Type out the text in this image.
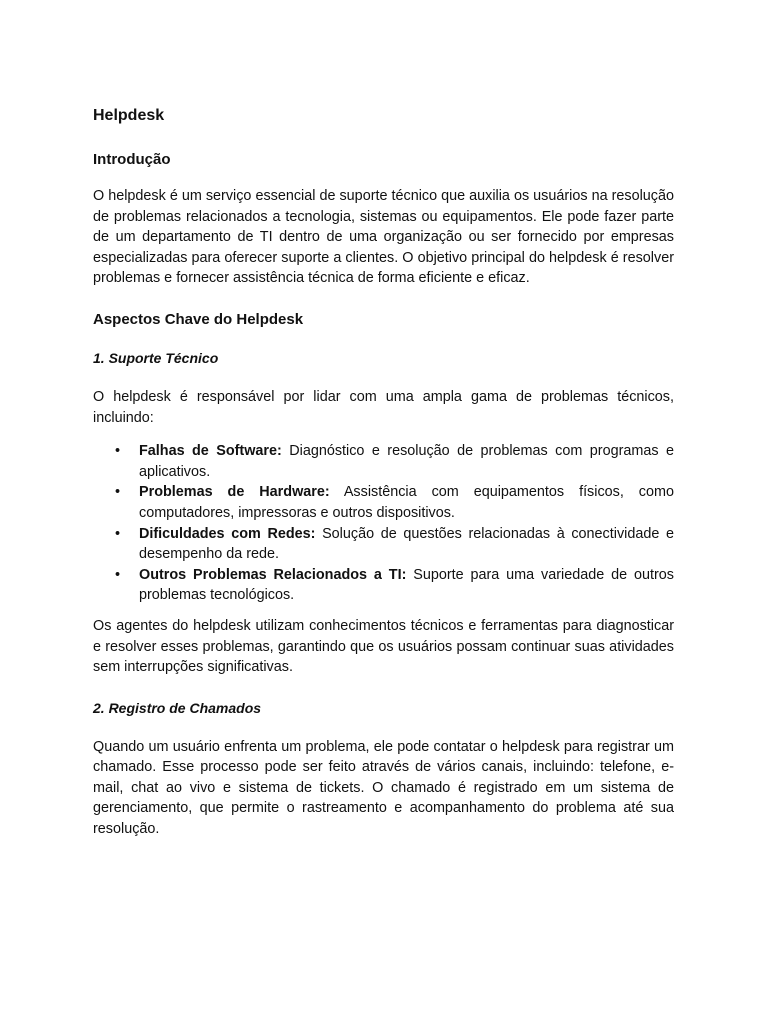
Helpdesk
Introdução

O helpdesk é um serviço essencial de suporte técnico que auxilia os usuários na resolução de problemas relacionados a tecnologia, sistemas ou equipamentos. Ele pode fazer parte de um departamento de TI dentro de uma organização ou ser fornecido por empresas especializadas para oferecer suporte a clientes. O objetivo principal do helpdesk é resolver problemas e fornecer assistência técnica de forma eficiente e eficaz.

Aspectos Chave do Helpdesk
1. Suporte Técnico

O helpdesk é responsável por lidar com uma ampla gama de problemas técnicos, incluindo:

• Falhas de Software: Diagnóstico e resolução de problemas com programas e aplicativos.
• Problemas de Hardware: Assistência com equipamentos físicos, como computadores, impressoras e outros dispositivos.
• Dificuldades com Redes: Solução de questões relacionadas à conectividade e desempenho da rede.
• Outros Problemas Relacionados a TI: Suporte para uma variedade de outros problemas tecnológicos.

Os agentes do helpdesk utilizam conhecimentos técnicos e ferramentas para diagnosticar e resolver esses problemas, garantindo que os usuários possam continuar suas atividades sem interrupções significativas.

2. Registro de Chamados

Quando um usuário enfrenta um problema, ele pode contatar o helpdesk para registrar um chamado. Esse processo pode ser feito através de vários canais, incluindo: telefone, e-mail, chat ao vivo e sistema de tickets. O chamado é registrado em um sistema de gerenciamento, que permite o rastreamento e acompanhamento do problema até sua resolução.
